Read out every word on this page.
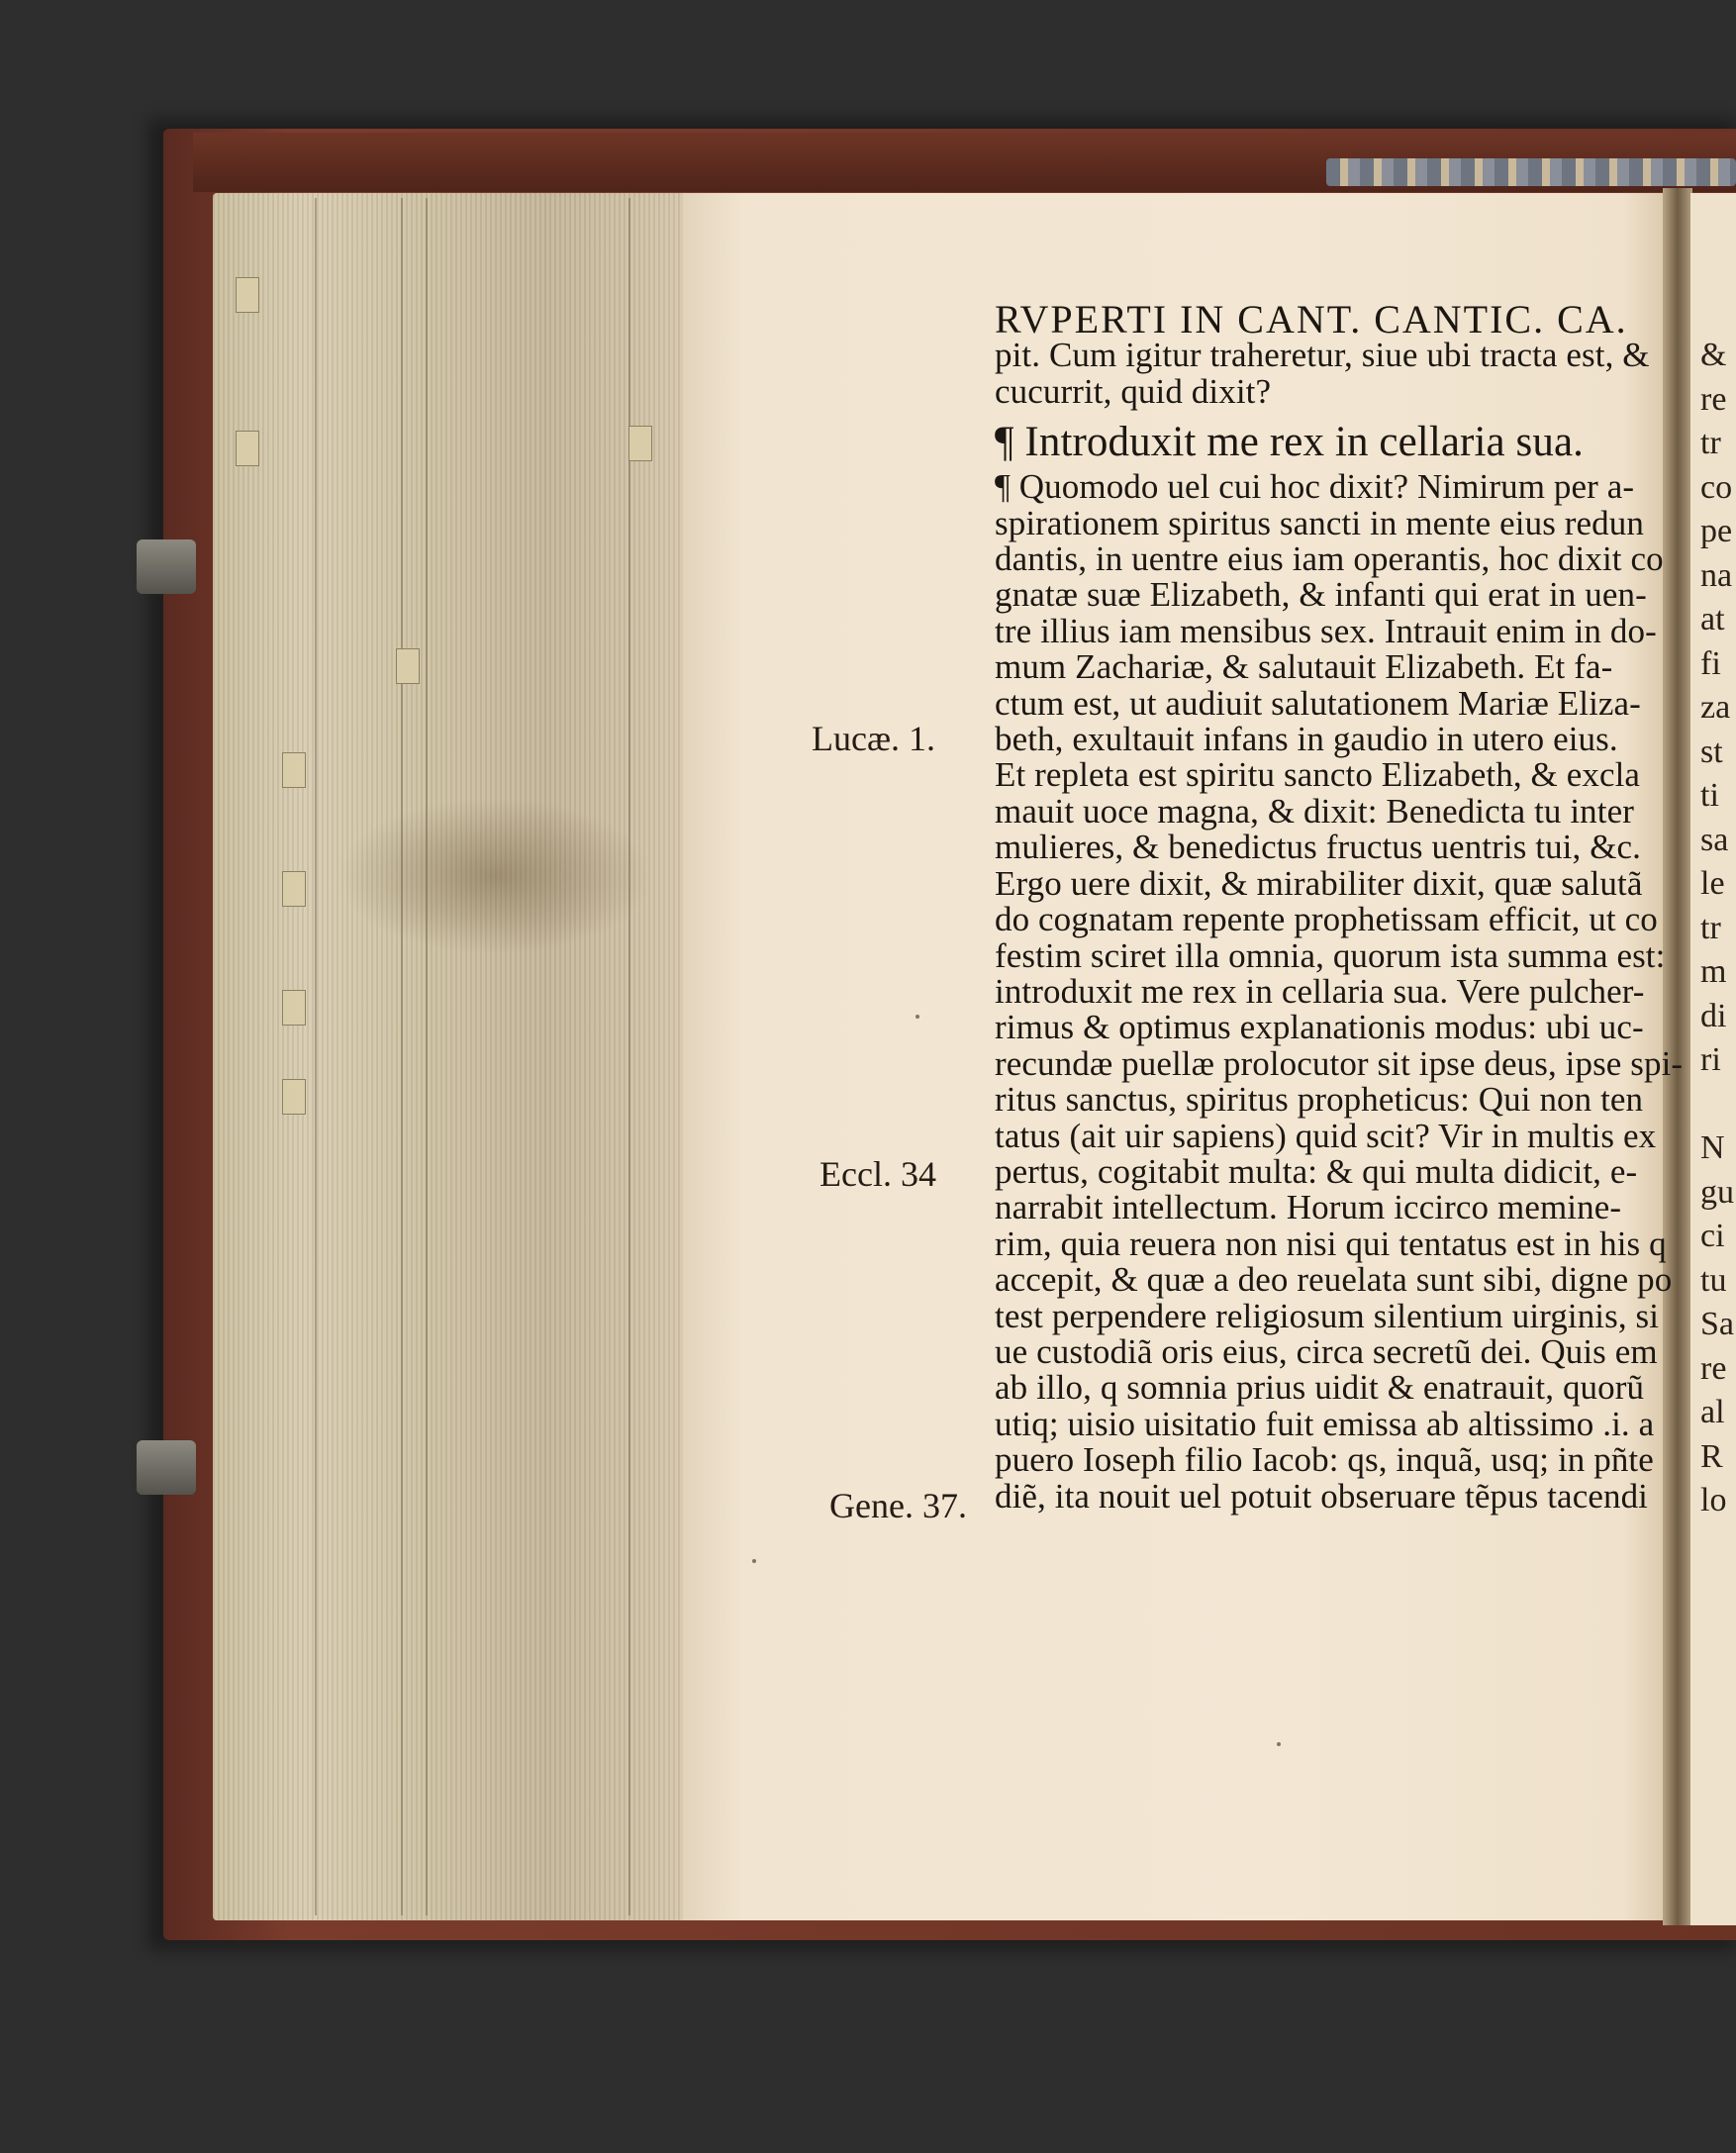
&
re
tr
co
pe
na
at
fi
za
st
ti
sa
le
tr
m
di
ri
N
gu
ci
tu
Sa
re
al
R
lo
Lucæ. 1.
Eccl. 34
Gene. 37.
RVPERTI IN CANT. CANTIC. CA.
pit. Cum igitur traheretur, siue ubi tracta est, &
cucurrit, quid dixit?
¶ Introduxit me rex in cellaria sua.
¶ Quomodo uel cui hoc dixit? Nimirum per a-
spirationem spiritus sancti in mente eius redun
dantis, in uentre eius iam operantis, hoc dixit co
gnatæ suæ Elizabeth, & infanti qui erat in uen-
tre illius iam mensibus sex. Intrauit enim in do-
mum Zachariæ, & salutauit Elizabeth. Et fa-
ctum est, ut audiuit salutationem Mariæ Eliza-
beth, exultauit infans in gaudio in utero eius.
Et repleta est spiritu sancto Elizabeth, & excla
mauit uoce magna, & dixit: Benedicta tu inter
mulieres, & benedictus fructus uentris tui, &c.
Ergo uere dixit, & mirabiliter dixit, quæ salutã
do cognatam repente prophetissam efficit, ut co
festim sciret illa omnia, quorum ista summa est:
introduxit me rex in cellaria sua. Vere pulcher-
rimus & optimus explanationis modus: ubi uc-
recundæ puellæ prolocutor sit ipse deus, ipse spi-
ritus sanctus, spiritus propheticus: Qui non ten
tatus (ait uir sapiens) quid scit? Vir in multis ex
pertus, cogitabit multa: & qui multa didicit, e-
narrabit intellectum. Horum iccirco memine-
rim, quia reuera non nisi qui tentatus est in his q
accepit, & quæ a deo reuelata sunt sibi, digne po
test perpendere religiosum silentium uirginis, si
ue custodiã oris eius, circa secretũ dei. Quis em
ab illo, q somnia prius uidit & enatrauit, quorũ
utiq; uisio uisitatio fuit emissa ab altissimo .i. a
puero Ioseph filio Iacob: qs, inquã, usq; in pñte
diẽ, ita nouit uel potuit obseruare tẽpus tacendi
